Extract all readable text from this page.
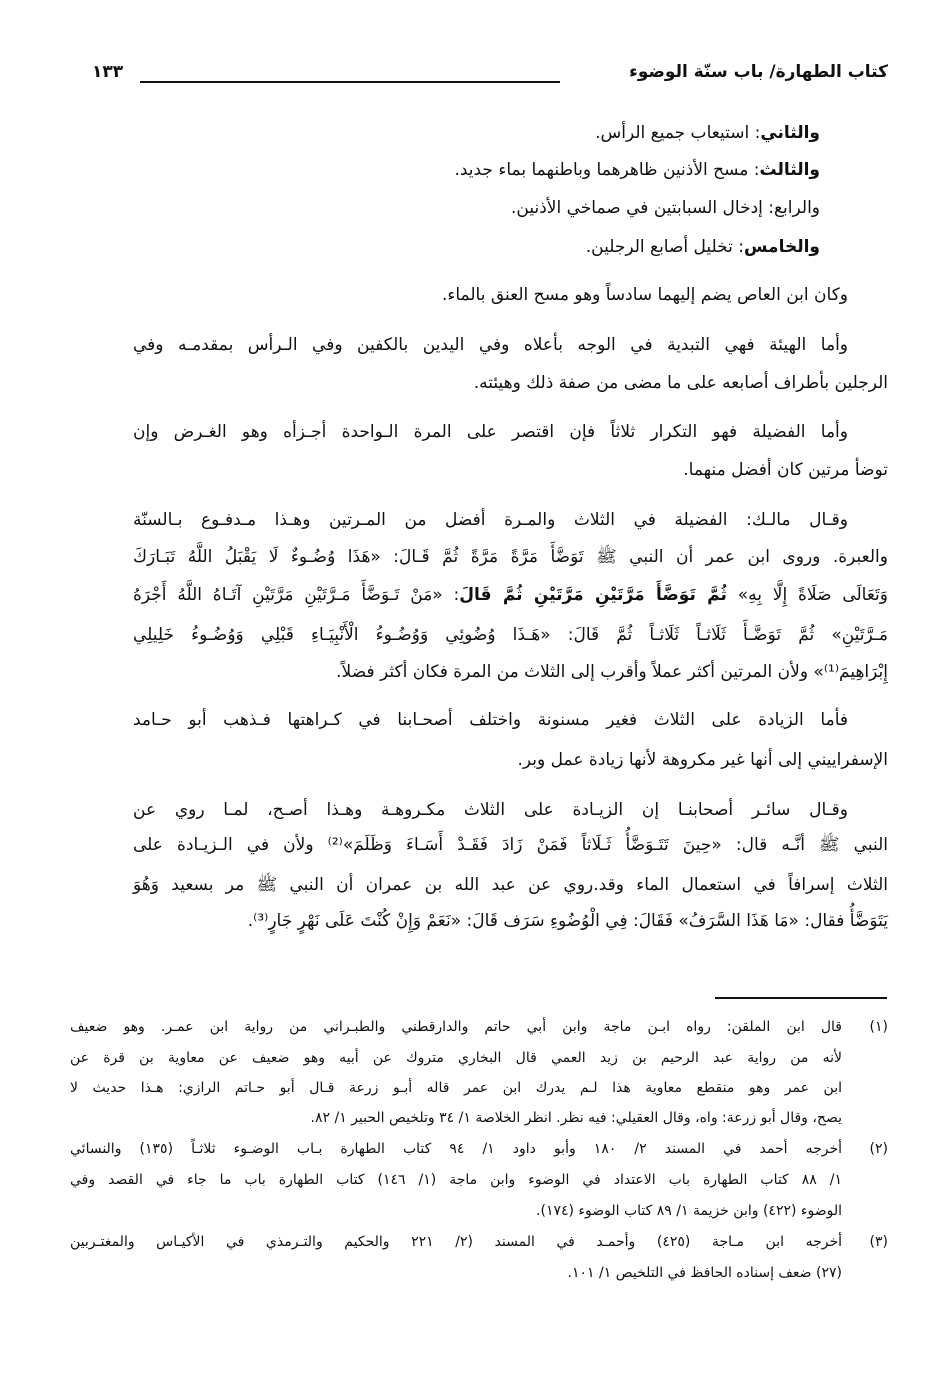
كتاب الطهارة/ باب سنّة الوضوء
١٣٣
والثاني: استيعاب جميع الرأس.
والثالث: مسح الأذنين ظاهرهما وباطنهما بماء جديد.
والرابع: إدخال السبابتين في صماخي الأذنين.
والخامس: تخليل أصابع الرجلين.
وكان ابن العاص يضم إليهما سادساً وهو مسح العنق بالماء.
وأما الهيئة فهي التبدية في الوجه بأعلاه وفي اليدين بالكفين وفي الـرأس بمقدمـه وفي
الرجلين بأطراف أصابعه على ما مضى من صفة ذلك وهيئته.
وأما الفضيلة فهو التكرار ثلاثاً فإن اقتصر على المرة الـواحدة أجـزأه وهو الغـرض وإن
توضأ مرتين كان أفضل منهما.
وقـال مالـك: الفضيلة في الثلاث والمـرة أفضل من المـرتين وهـذا مـدفـوع بـالسنّة
والعبرة. وروى ابن عمر أن النبي ﷺ تَوَضَّأَ مَرَّةً مَرَّةً ثُمَّ قَـالَ: «هَذَا وُضُـوءٌ لَا يَقْبَلُ اللَّهُ تَبَـارَكَ
وَتَعَالَى صَلَاةً إِلَّا بِهِ» ثُمَّ تَوَضَّأَ مَرَّتَيْنِ مَرَّتَيْنِ ثُمَّ قَالَ: «مَنْ تَـوَضَّأَ مَـرَّتَيْنِ مَرَّتَيْنِ آتَـاهُ اللَّهُ أَجْرَهُ
مَـرَّتَيْنِ» ثُمَّ تَوَضَّـأَ ثَلَاثـاً ثَلَاثـاً ثُمَّ قَالَ: «هَـذَا وُضُوئِي وَوُضُـوءُ الْأَنْبِيَـاءِ قَبْلِي وَوُضُـوءُ خَلِيلِي
إِبْرَاهِيمَ⁽¹⁾» ولأن المرتين أكثر عملاً وأقرب إلى الثلاث من المرة فكان أكثر فضلاً.
فأما الزيادة على الثلاث فغير مسنونة واختلف أصحـابنا في كـراهتها فـذهب أبو حـامد
الإسفراييني إلى أنها غير مكروهة لأنها زيادة عمل وبر.
وقـال سائـر أصحابنـا إن الزيـادة على الثلاث مكـروهـة وهـذا أصـح، لمـا روي عن
النبي ﷺ أنَّـه قال: «حِينَ تَتَـوَضَّأُ ثَـلَاثاً فَمَنْ زَادَ فَقَـدْ أَسَـاءَ وَظَلَمَ»⁽²⁾ ولأن في الـزيـادة على
الثلاث إسرافاً في استعمال الماء وقد.روي عن عبد الله بن عمران أن النبي ﷺ مر بسعيد وَهُوَ
يَتَوَضَّأُ فقال: «مَا هَذَا السَّرَفُ» فَقَالَ: فِي الْوُضُوءِ سَرَف قَالَ: «نَعَمْ وَإِنْ كُنْتَ عَلَى نَهْرٍ جَارٍ⁽³⁾.
(١)قال ابن الملقن: رواه ابـن ماجة وابن أبي حاتم والدارقطني والطبـراني من رواية ابن عمـر. وهو ضعيف
لأنه من رواية عبد الرحيم بن زيد العمي قال البخاري متروك عن أبيه وهو ضعيف عن معاوية بن قرة عن
ابن عمر وهو منقطع معاوية هذا لـم يدرك ابن عمر قاله أبـو زرعة قـال أبو حـاتم الرازي: هـذا حديث لا
يصح، وقال أبو زرعة: واه، وقال العقيلي: فيه نظر. انظر الخلاصة ١/ ٣٤ وتلخيص الحبير ١/ ٨٢.
(٢)أخرجه أحمد في المسند ٢/ ١٨٠ وأبو داود ١/ ٩٤ كتاب الطهارة بـاب الوضـوء ثلاثـاً (١٣٥) والنسائي
١/ ٨٨ كتاب الطهارة باب الاعتداد في الوضوء وابن ماجة (١/ ١٤٦) كتاب الطهارة باب ما جاء في القصد وفي
الوضوء (٤٢٢) وابن خزيمة ١/ ٨٩ كتاب الوضوء (١٧٤).
(٣)أخرجه ابن مـاجة (٤٢٥) وأحمـد في المسند (٢/ ٢٢١ والحكيم والتـرمذي في الأكيـاس والمغتـربين
(٢٧) ضعف إسناده الحافظ في التلخيص ١/ ١٠١.
